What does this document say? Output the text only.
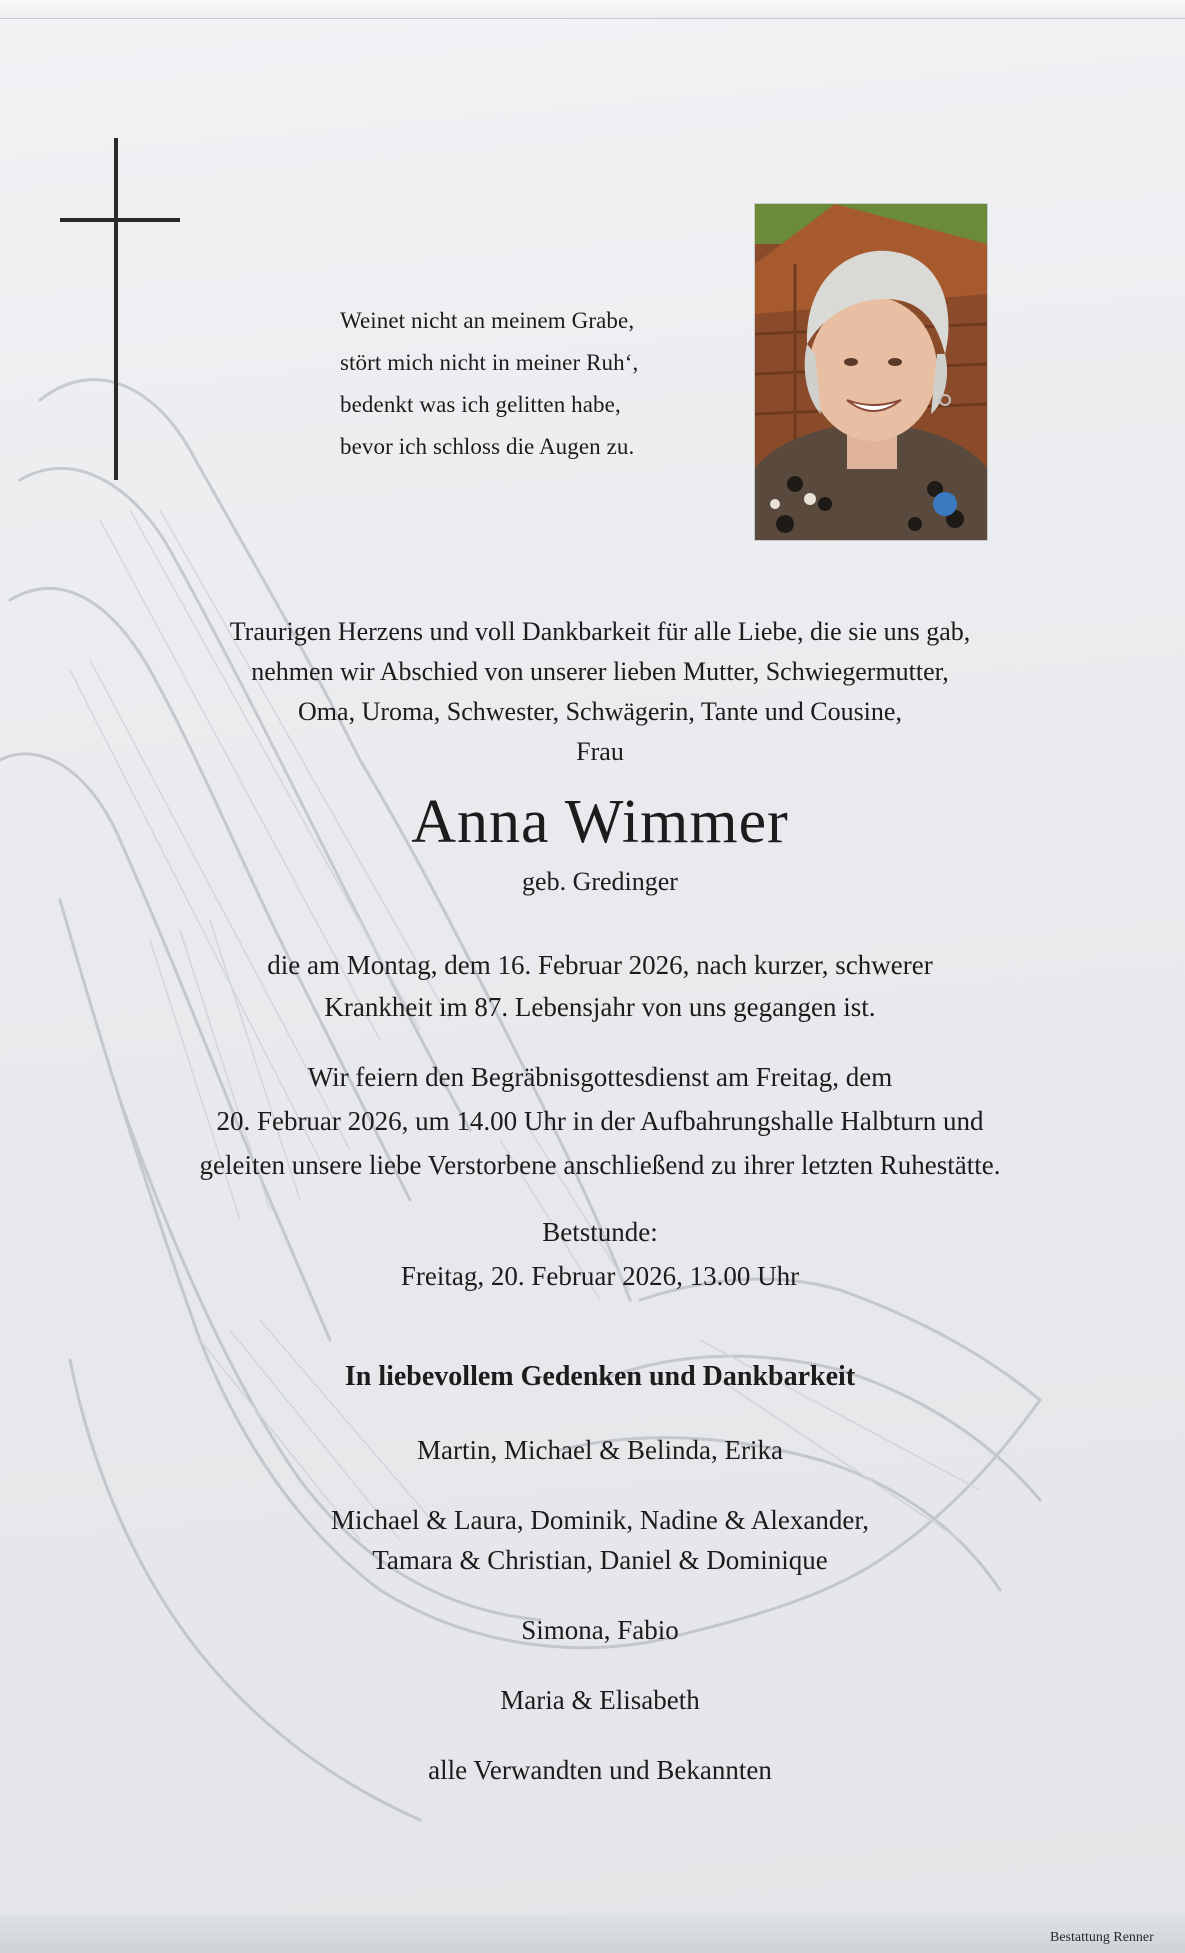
Weinet nicht an meinem Grabe,
stört mich nicht in meiner Ruh‘,
bedenkt was ich gelitten habe,
bevor ich schloss die Augen zu.
Traurigen Herzens und voll Dankbarkeit für alle Liebe, die sie uns gab,
nehmen wir Abschied von unserer lieben Mutter, Schwiegermutter,
Oma, Uroma, Schwester, Schwägerin, Tante und Cousine,
Frau
Anna Wimmer
geb. Gredinger
die am Montag, dem 16. Februar 2026, nach kurzer, schwerer
Krankheit im 87. Lebensjahr von uns gegangen ist.
Wir feiern den Begräbnisgottesdienst am Freitag, dem
20. Februar 2026, um 14.00 Uhr in der Aufbahrungshalle Halbturn und
geleiten unsere liebe Verstorbene anschließend zu ihrer letzten Ruhestätte.
Betstunde:
Freitag, 20. Februar 2026, 13.00 Uhr
In liebevollem Gedenken und Dankbarkeit
Martin, Michael & Belinda, Erika
Michael & Laura, Dominik, Nadine & Alexander,
Tamara & Christian, Daniel & Dominique
Simona, Fabio
Maria & Elisabeth
alle Verwandten und Bekannten
Bestattung Renner
